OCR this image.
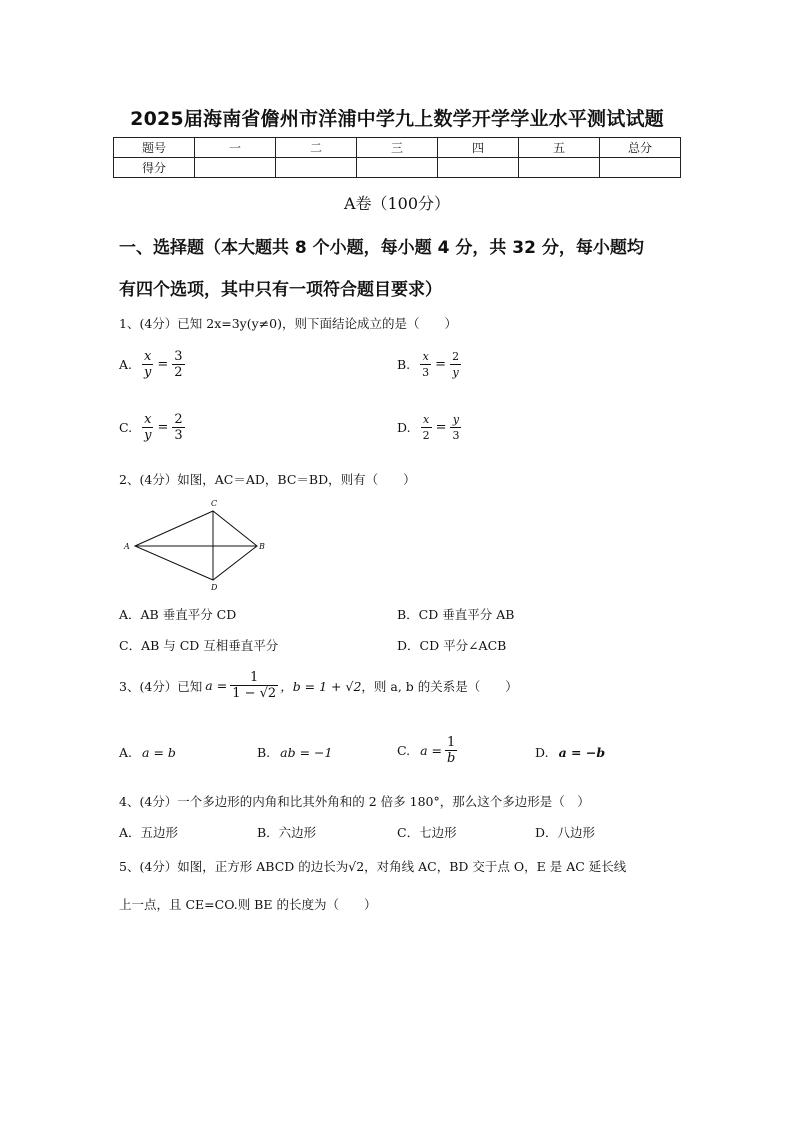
2025届海南省儋州市洋浦中学九上数学开学学业水平测试试题
题号	一	二	三	四	五	总分
得分						
A卷（100分）
一、选择题（本大题共 8 个小题，每小题 4 分，共 32 分，每小题均
有四个选项，其中只有一项符合题目要求）
1、(4分）已知 2x=3y(y≠0)，则下面结论成立的是（　　）
A. $\frac{x}{y} = \frac{3}{2}$	B. $\frac{x}{3} = \frac{2}{y}$
C. $\frac{x}{y} = \frac{2}{3}$	D. $\frac{x}{2} = \frac{y}{3}$
2、(4分）如图，AC＝AD，BC＝BD，则有（　　）
C
A	B
D
A．AB 垂直平分 CD	B．CD 垂直平分 AB
C．AB 与 CD 互相垂直平分	D．CD 平分∠ACB
3、(4分）已知 $a = \frac{1}{1 - √2}$ ，b = 1 + √2 ，则 a, b 的关系是（　　）
A. a = b	B. ab = −1	C. $a = \frac{1}{b}$	D. a = −b
4、(4分）一个多边形的内角和比其外角和的 2 倍多 180°，那么这个多边形是（　）
A．五边形	B．六边形	C．七边形	D．八边形
5、(4分）如图，正方形 ABCD 的边长为√2，对角线 AC，BD 交于点 O，E 是 AC 延长线
上一点，且 CE=CO.则 BE 的长度为（　　）
